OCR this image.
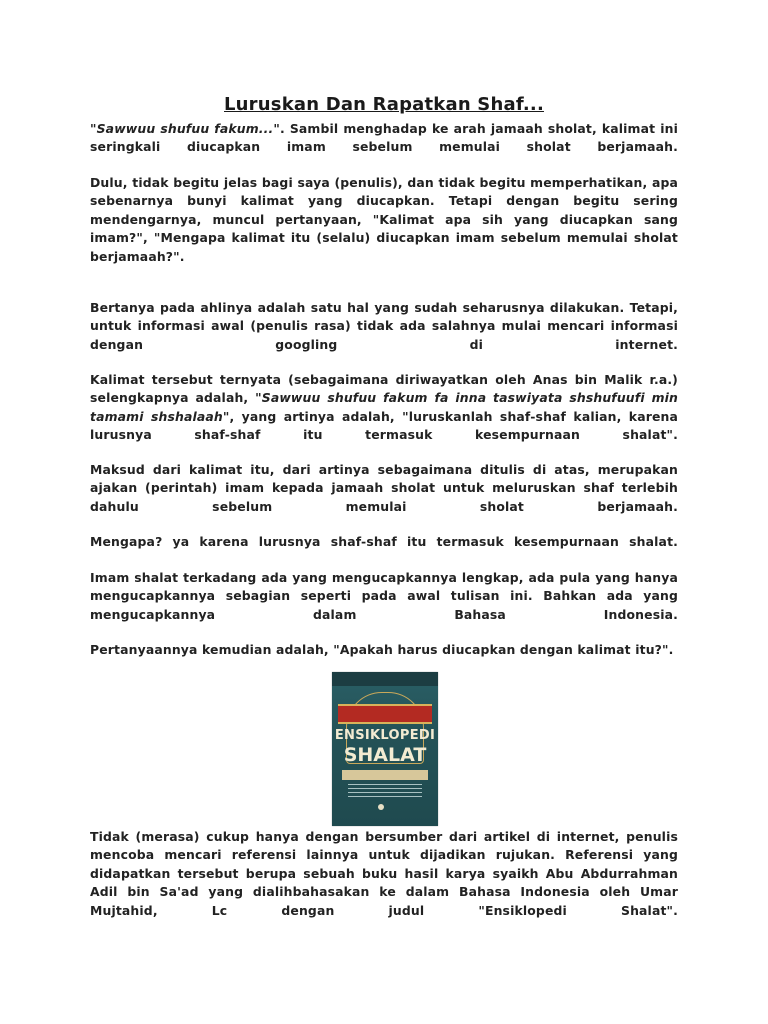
Luruskan Dan Rapatkan Shaf...
"Sawwuu shufuu fakum...". Sambil menghadap ke arah jamaah sholat, kalimat ini seringkali diucapkan imam sebelum memulai sholat berjamaah.
Dulu, tidak begitu jelas bagi saya (penulis), dan tidak begitu memperhatikan, apa sebenarnya bunyi kalimat yang diucapkan. Tetapi dengan begitu sering mendengarnya, muncul pertanyaan, "Kalimat apa sih yang diucapkan sang imam?", "Mengapa kalimat itu (selalu) diucapkan imam sebelum memulai sholat berjamaah?".
Bertanya pada ahlinya adalah satu hal yang sudah seharusnya dilakukan. Tetapi, untuk informasi awal (penulis rasa) tidak ada salahnya mulai mencari informasi dengan googling di internet.
Kalimat tersebut ternyata (sebagaimana diriwayatkan oleh Anas bin Malik r.a.) selengkapnya adalah, "Sawwuu shufuu fakum fa inna taswiyata shshufuufi min tamami shshalaah", yang artinya adalah, "luruskanlah shaf-shaf kalian, karena lurusnya shaf-shaf itu termasuk kesempurnaan shalat".
Maksud dari kalimat itu, dari artinya sebagaimana ditulis di atas, merupakan ajakan (perintah) imam kepada jamaah sholat untuk meluruskan shaf terlebih dahulu sebelum memulai sholat berjamaah.
Mengapa? ya karena lurusnya shaf-shaf itu termasuk kesempurnaan shalat.
Imam shalat terkadang ada yang mengucapkannya lengkap, ada pula yang hanya mengucapkannya sebagian seperti pada awal tulisan ini. Bahkan ada yang mengucapkannya dalam Bahasa Indonesia.
Pertanyaannya kemudian adalah, "Apakah harus diucapkan dengan kalimat itu?".
ENSIKLOPEDI
SHALAT
Tidak (merasa) cukup hanya dengan bersumber dari artikel di internet, penulis mencoba mencari referensi lainnya untuk dijadikan rujukan. Referensi yang didapatkan tersebut berupa sebuah buku hasil karya syaikh Abu Abdurrahman Adil bin Sa'ad yang dialihbahasakan ke dalam Bahasa Indonesia oleh Umar Mujtahid, Lc dengan judul "Ensiklopedi Shalat".
